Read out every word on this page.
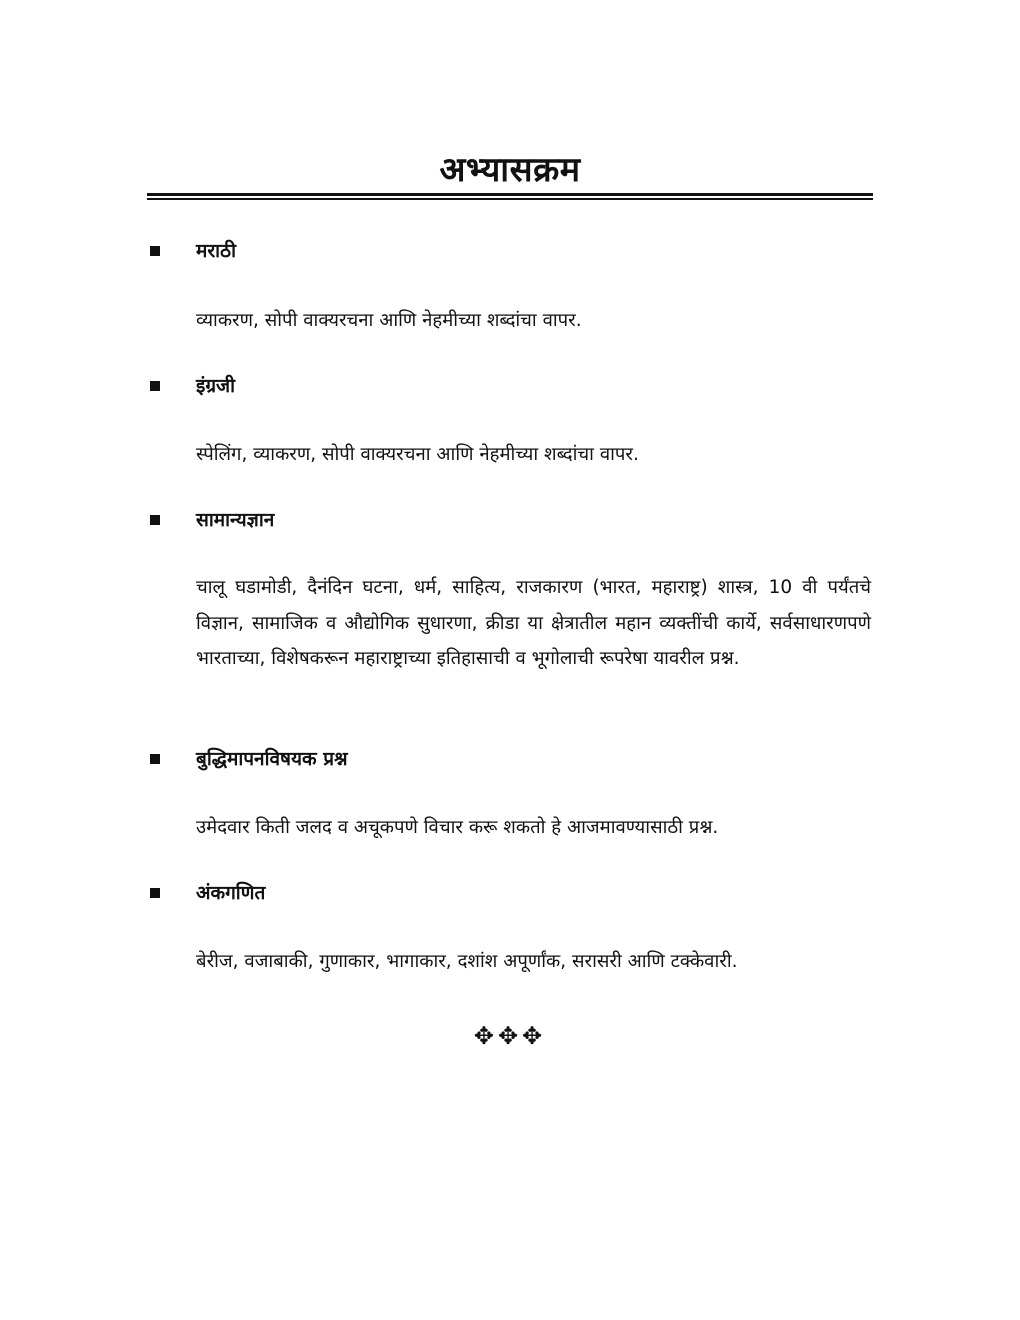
अभ्यासक्रम
मराठी
व्याकरण, सोपी वाक्यरचना आणि नेहमीच्या शब्दांचा वापर.
इंग्रजी
स्पेलिंग, व्याकरण, सोपी वाक्यरचना आणि नेहमीच्या शब्दांचा वापर.
सामान्यज्ञान
चालू घडामोडी, दैनंदिन घटना, धर्म, साहित्य, राजकारण (भारत, महाराष्ट्र) शास्त्र, 10 वी पर्यंतचे विज्ञान, सामाजिक व औद्योगिक सुधारणा, क्रीडा या क्षेत्रातील महान व्यक्तींची कार्ये, सर्वसाधारणपणे भारताच्या, विशेषकरून महाराष्ट्राच्या इतिहासाची व भूगोलाची रूपरेषा यावरील प्रश्न.
बुद्धिमापनविषयक प्रश्न
उमेदवार किती जलद व अचूकपणे विचार करू शकतो हे आजमावण्यासाठी प्रश्न.
अंकगणित
बेरीज, वजाबाकी, गुणाकार, भागाकार, दशांश अपूर्णांक, सरासरी आणि टक्केवारी.
✥✥✥
